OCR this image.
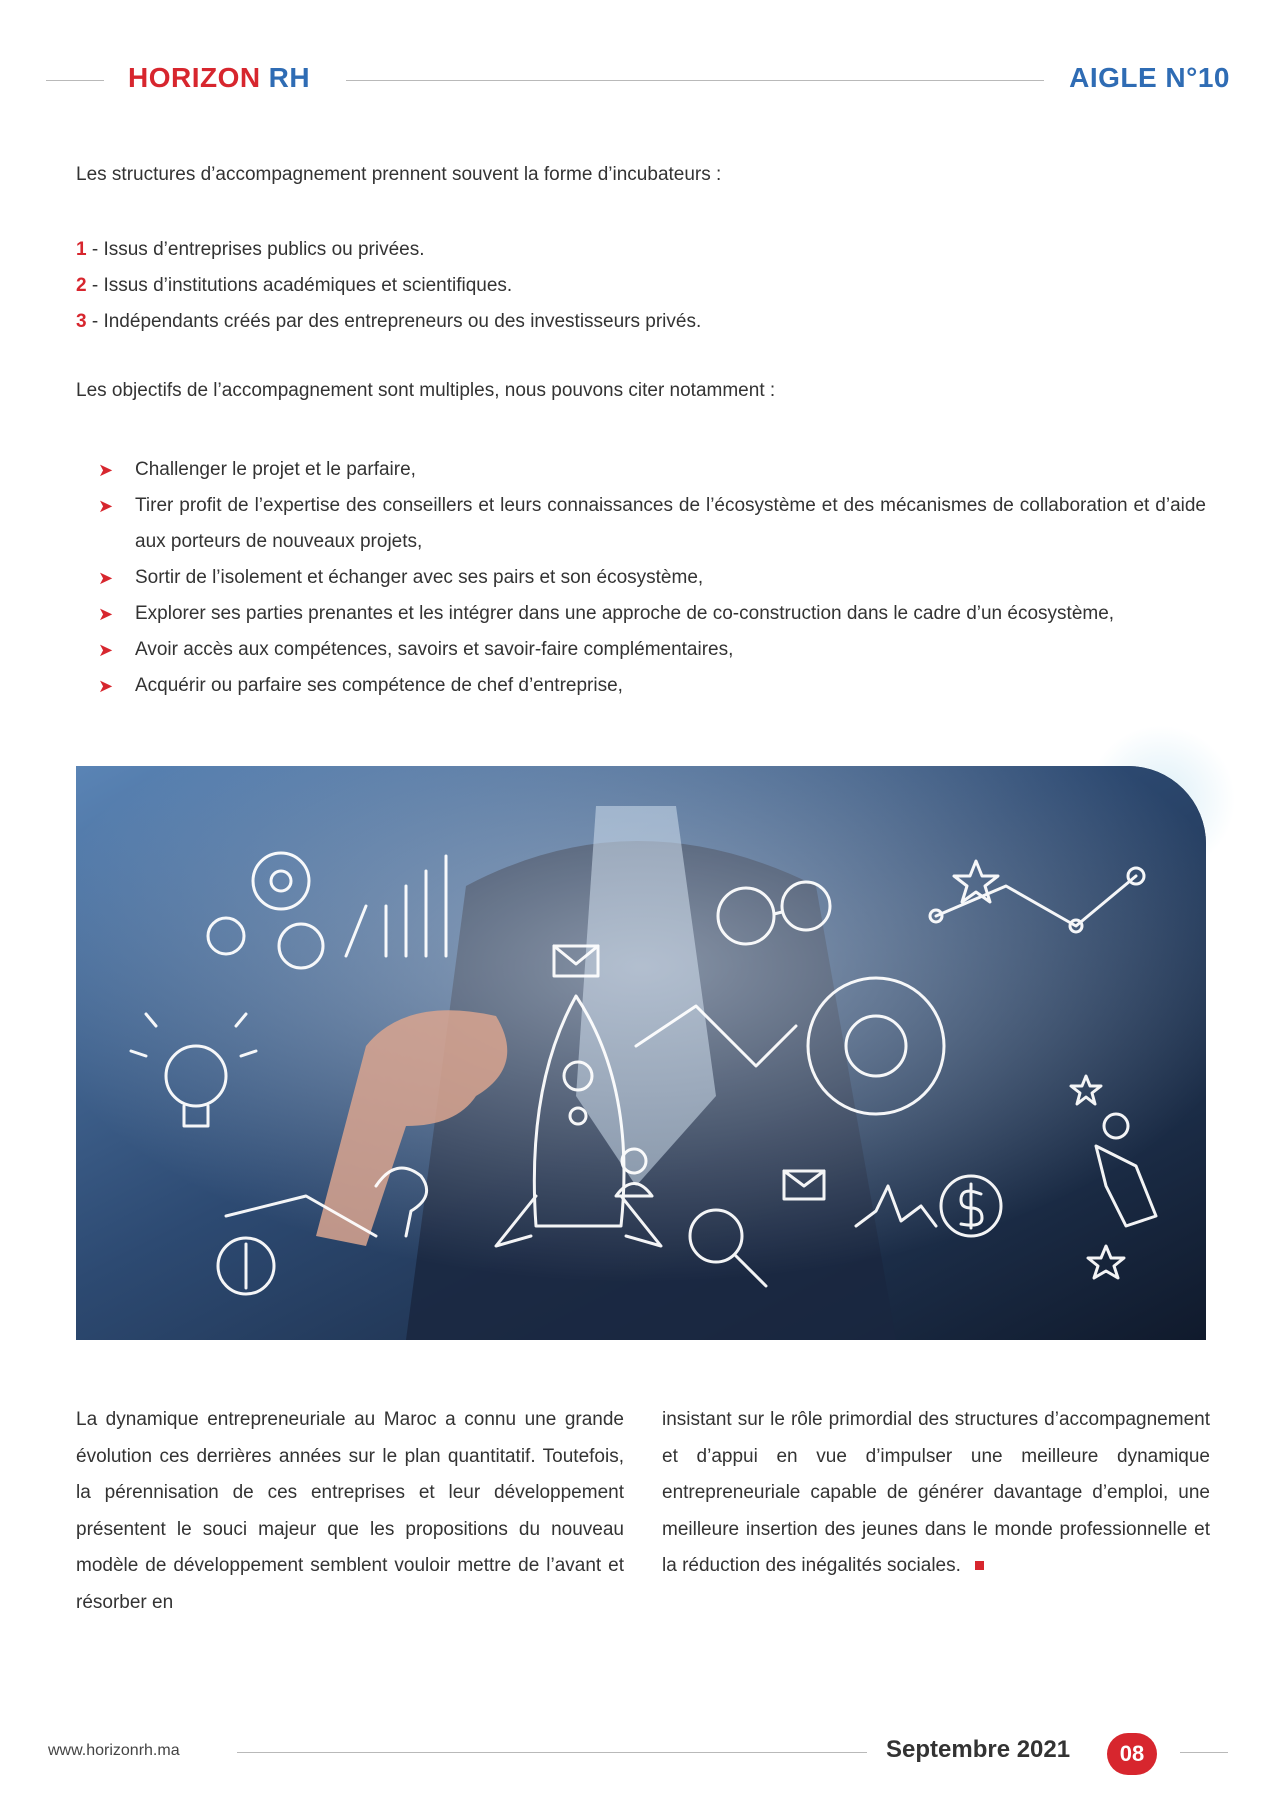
HORIZON RH	AIGLE N°10

Les structures d’accompagnement prennent souvent la forme d’incubateurs :

1 - Issus d’entreprises publics ou privées.
2 - Issus d’institutions académiques et scientifiques.
3 - Indépendants créés par des entrepreneurs ou des investisseurs privés.

Les objectifs de l’accompagnement sont multiples, nous pouvons citer notamment :

➤ Challenger le projet et le parfaire,
➤ Tirer profit de l’expertise des conseillers et leurs connaissances de l’écosystème et des mécanismes de collaboration et d’aide aux porteurs de nouveaux projets,
➤ Sortir de l’isolement et échanger avec ses pairs et son écosystème,
➤ Explorer ses parties prenantes et les intégrer dans une approche de co-construction dans le cadre d’un écosystème,
➤ Avoir accès aux compétences, savoirs et savoir-faire complémentaires,
➤ Acquérir ou parfaire ses compétence de chef d’entreprise,

La dynamique entrepreneuriale au Maroc a connu une grande évolution ces derrières années sur le plan quantitatif. Toutefois, la pérennisation de ces entreprises et leur développement présentent le souci majeur que les propositions du nouveau modèle de développement semblent vouloir mettre de l’avant et résorber en

insistant sur le rôle primordial des structures d’accompagnement et d’appui en vue d’impulser une meilleure dynamique entrepreneuriale capable de générer davantage d’emploi, une meilleure insertion des jeunes dans le monde professionnelle et la réduction des inégalités sociales.

www.horizonrh.ma	Septembre 2021	08
